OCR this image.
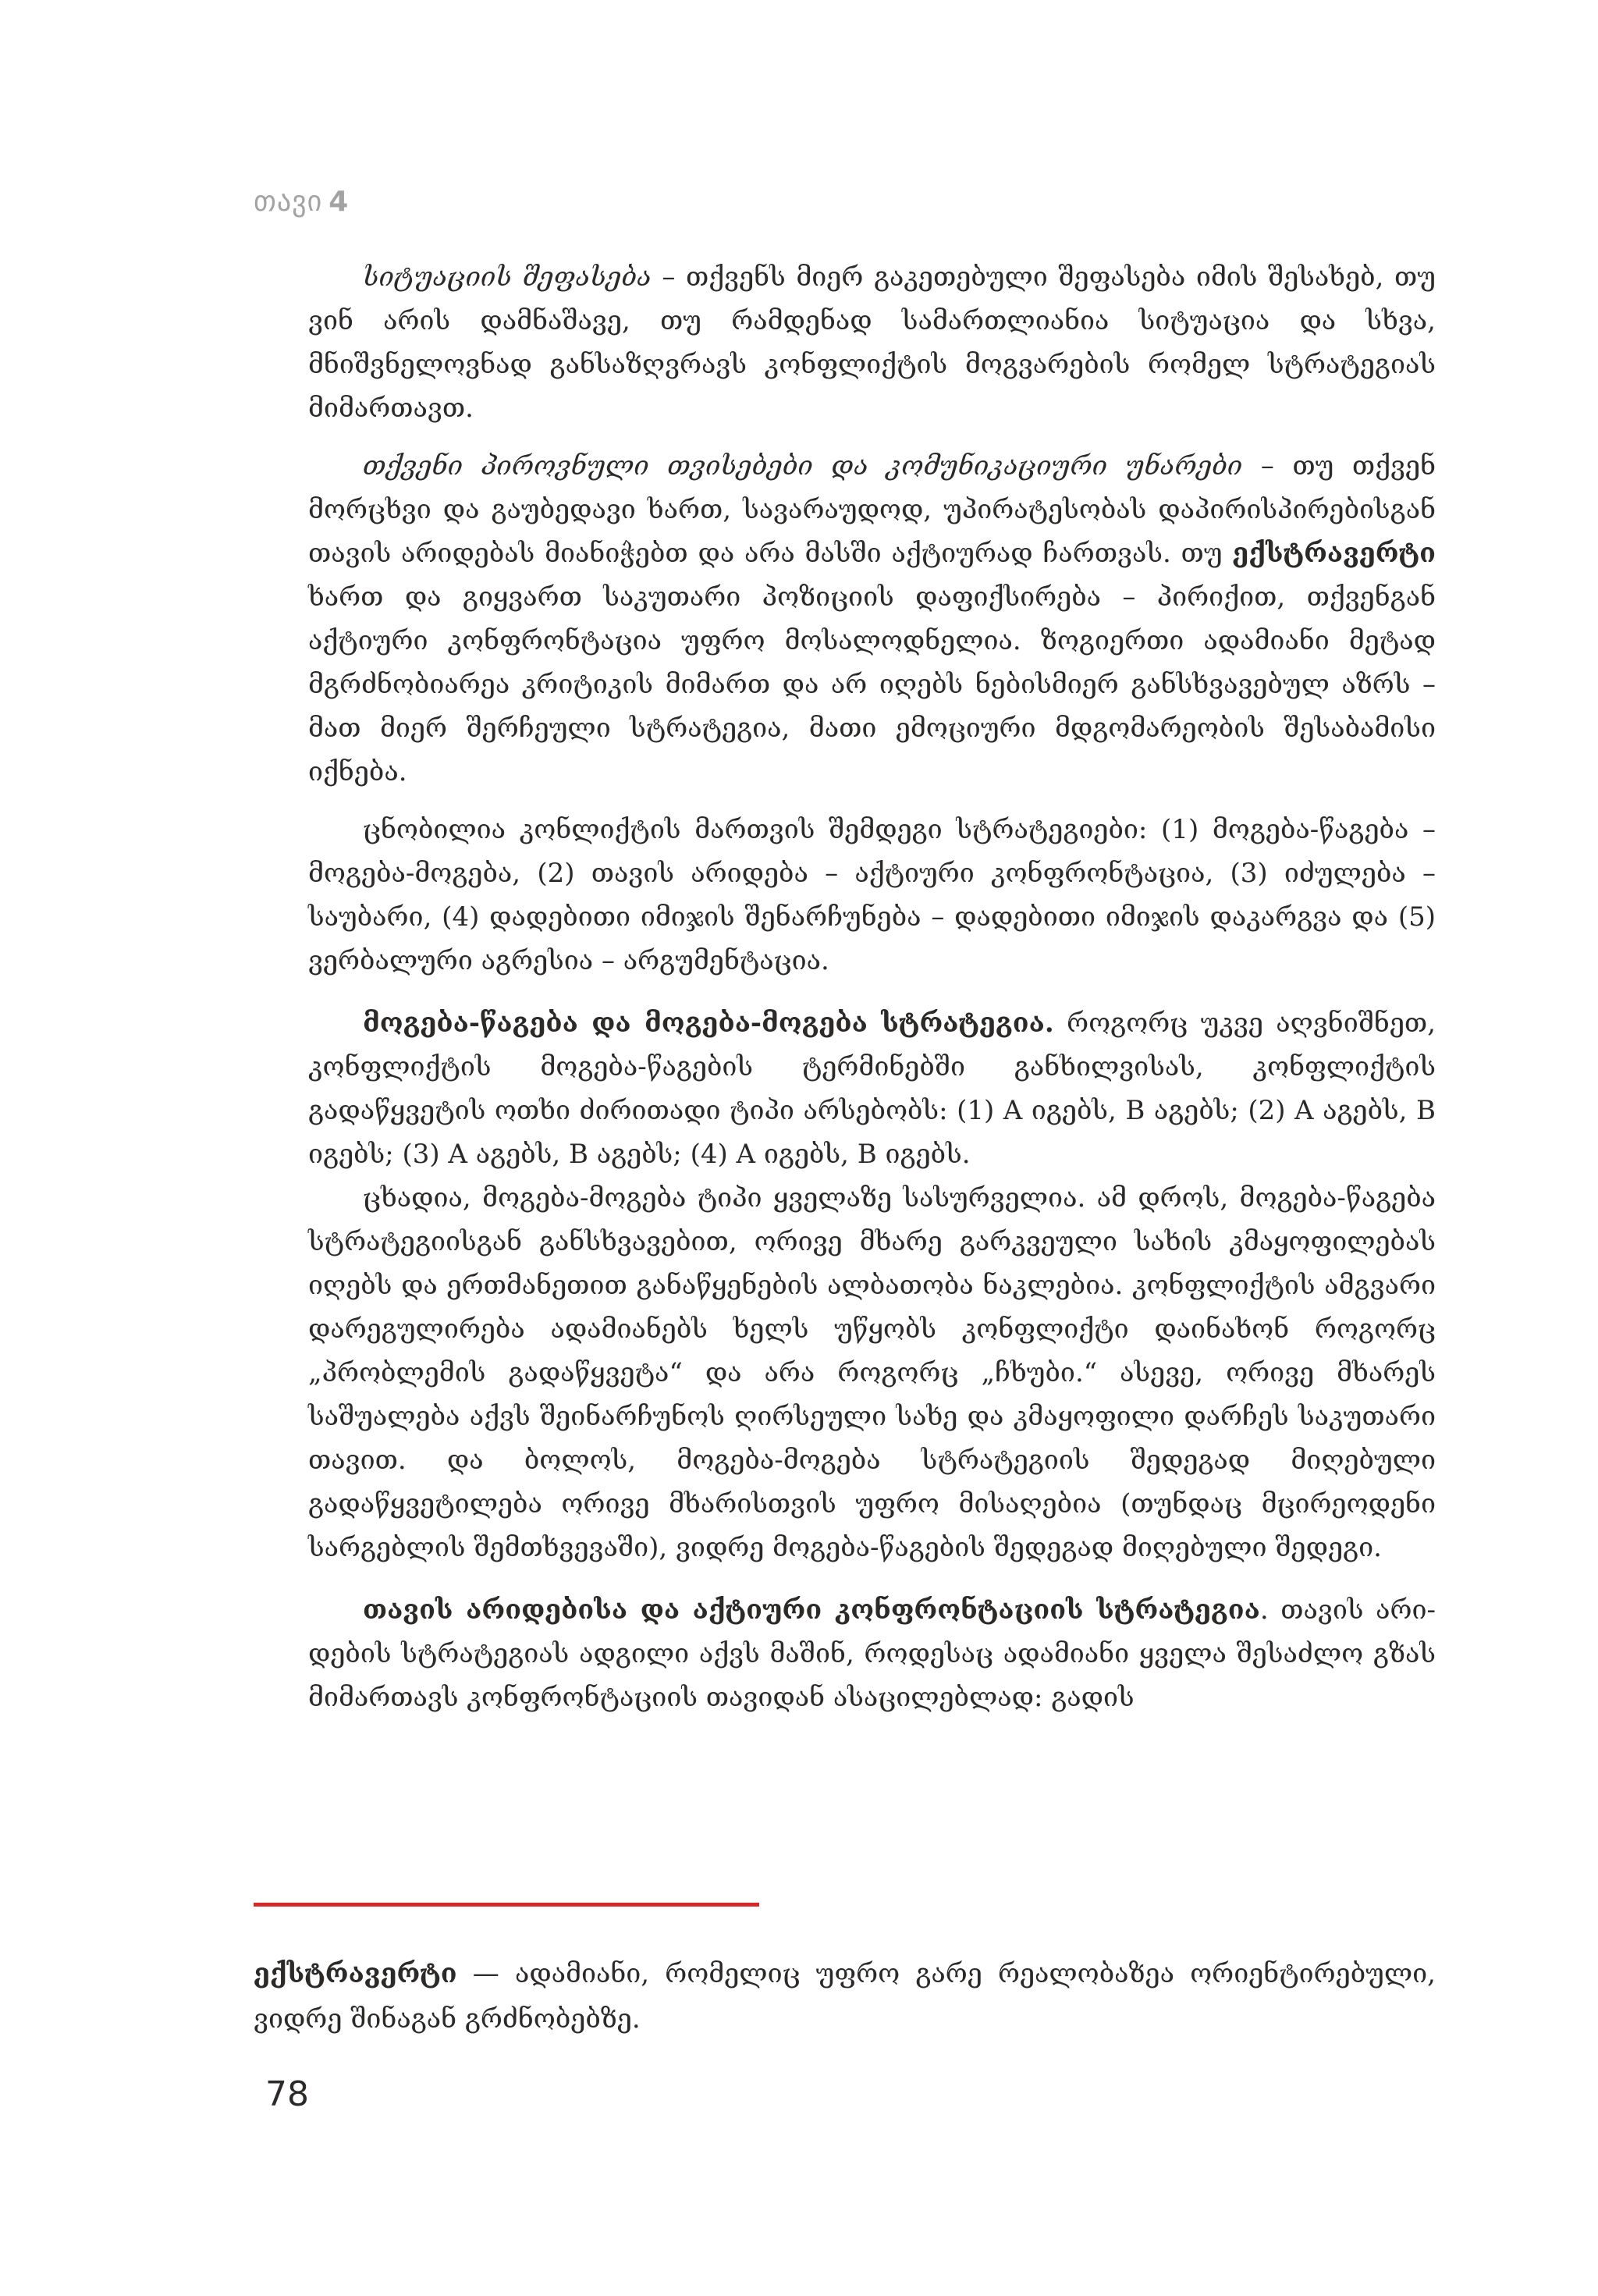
თავი 4

სიტუაციის შეფასება – თქვენს მიერ გაკეთებული შეფასება იმის შესახებ, თუ ვინ არის დამნაშავე, თუ რამდენად სამართლიანია სიტუაცია და სხვა, მნიშვნელოვნად განსაზღვრავს კონფლიქტის მოგვარების რომელ სტრატეგიას მიმართავთ.

თქვენი პიროვნული თვისებები და კომუნიკაციური უნარები – თუ თქვენ მორცხვი და გაუბედავი ხართ, სავარაუდოდ, უპირატესობას დაპირისპირებისგან თავის არიდებას მიანიჭებთ და არა მასში აქტიურად ჩართვას. თუ ექსტრავერტი ხართ და გიყვართ საკუთარი პოზიციის დაფიქსირება – პირიქით, თქვენგან აქტიური კონფრონტაცია უფრო მოსალოდნელია. ზოგიერთი ადამიანი მეტად მგრძნობიარეა კრიტიკის მიმართ და არ იღებს ნებისმიერ განსხვავებულ აზრს – მათ მიერ შერჩეული სტრატეგია, მათი ემოციური მდგომარეობის შესაბამისი იქნება.

ცნობილია კონლიქტის მართვის შემდეგი სტრატეგიები: (1) მოგება-წაგება – მოგება-მოგება, (2) თავის არიდება – აქტიური კონფრონტაცია, (3) იძულება – საუბარი, (4) დადებითი იმიჯის შენარჩუნება – დადებითი იმიჯის დაკარგვა და (5) ვერბალური აგრესია – არგუმენტაცია.

მოგება-წაგება და მოგება-მოგება სტრატეგია. როგორც უკვე აღვნიშნეთ, კონფლიქტის მოგება-წაგების ტერმინებში განხილვისას, კონფლიქტის გადაწყვეტის ოთხი ძირითადი ტიპი არსებობს: (1) A იგებს, B აგებს; (2) A აგებს, B იგებს; (3) A აგებს, B აგებს; (4) A იგებს, B იგებს.

ცხადია, მოგება-მოგება ტიპი ყველაზე სასურველია. ამ დროს, მოგება-წაგება სტრატეგიისგან განსხვავებით, ორივე მხარე გარკვეული სახის კმაყოფილებას იღებს და ერთმანეთით განაწყენების ალბათობა ნაკლებია. კონფლიქტის ამგვარი დარეგულირება ადამიანებს ხელს უწყობს კონფლიქტი დაინახონ როგორც „პრობლემის გადაწყვეტა“ და არა როგორც „ჩხუბი.“ ასევე, ორივე მხარეს საშუალება აქვს შეინარჩუნოს ღირსეული სახე და კმაყოფილი დარჩეს საკუთარი თავით. და ბოლოს, მოგება-მოგება სტრატეგიის შედეგად მიღებული გადაწყვეტილება ორივე მხარისთვის უფრო მისაღებია (თუნდაც მცირეოდენი სარგებლის შემთხვევაში), ვიდრე მოგება-წაგების შედეგად მიღებული შედეგი.

თავის არიდებისა და აქტიური კონფრონტაციის სტრატეგია. თავის არიდების სტრატეგიას ადგილი აქვს მაშინ, როდესაც ადამიანი ყველა შესაძლო გზას მიმართავს კონფრონტაციის თავიდან ასაცილებლად: გადის

ექსტრავერტი — ადამიანი, რომელიც უფრო გარე რეალობაზეა ორიენტირებული, ვიდრე შინაგან გრძნობებზე.
78
